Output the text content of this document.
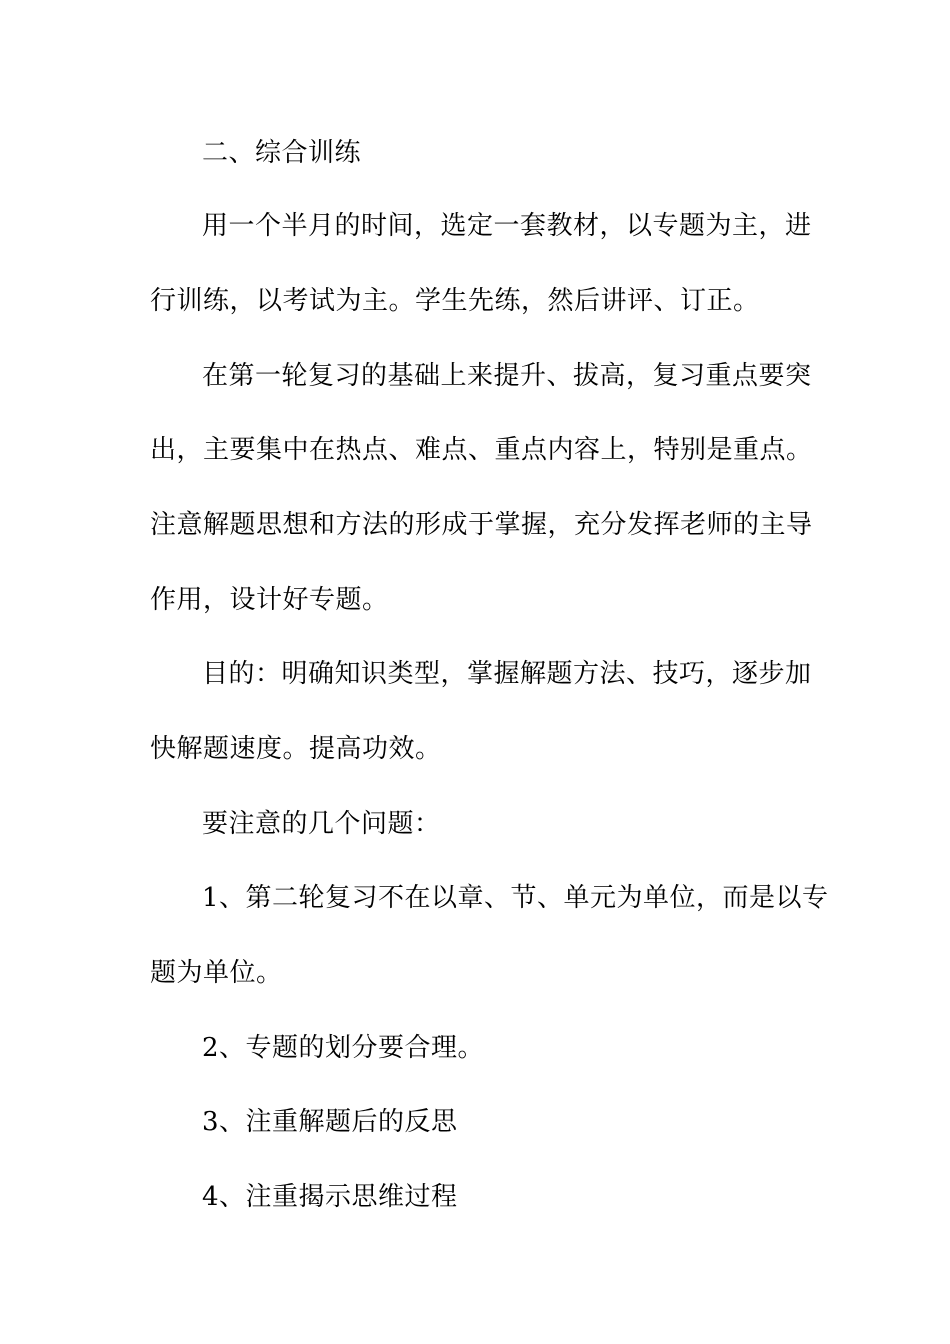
二、综合训练
用一个半月的时间，选定一套教材，以专题为主，进
行训练，以考试为主。学生先练，然后讲评、订正。
在第一轮复习的基础上来提升、拔高，复习重点要突
出，主要集中在热点、难点、重点内容上，特别是重点。
注意解题思想和方法的形成于掌握，充分发挥老师的主导
作用，设计好专题。
目的：明确知识类型，掌握解题方法、技巧，逐步加
快解题速度。提高功效。
要注意的几个问题：
1、第二轮复习不在以章、节、单元为单位，而是以专
题为单位。
2、专题的划分要合理。
3、注重解题后的反思
4、注重揭示思维过程
